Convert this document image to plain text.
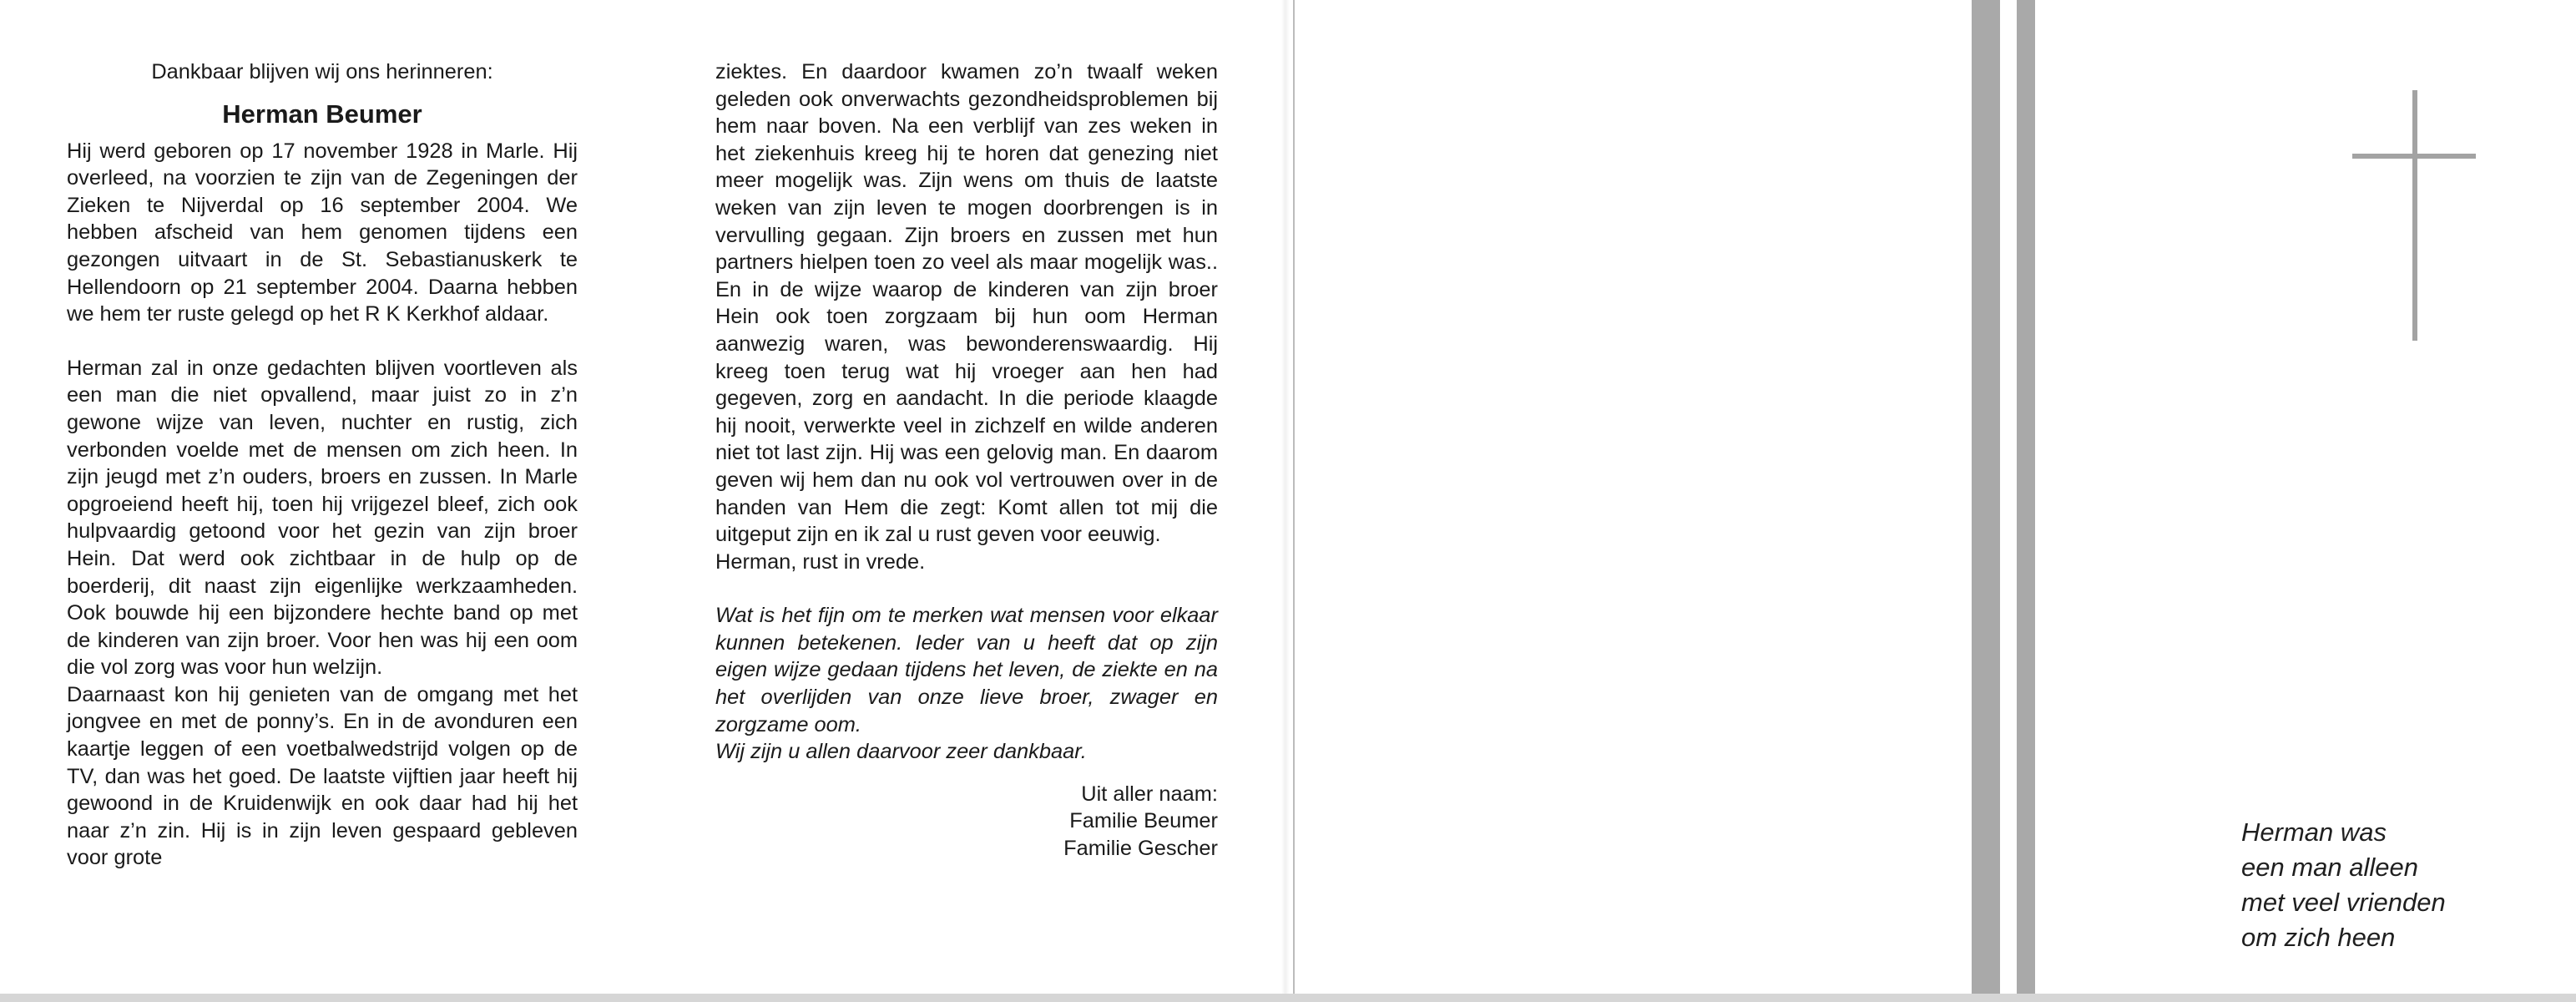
Dankbaar blijven wij ons herinneren:

Herman Beumer

Hij werd geboren op 17 november 1928 in Marle. Hij overleed, na voorzien te zijn van de Zegeningen der Zieken te Nijverdal op 16 september 2004. We hebben afscheid van hem genomen tijdens een gezongen uitvaart in de St. Sebastianuskerk te Hellendoorn op 21 september 2004. Daarna hebben we hem ter ruste gelegd op het R K Kerkhof aldaar.

Herman zal in onze gedachten blijven voortleven als een man die niet opvallend, maar juist zo in z’n gewone wijze van leven, nuchter en rustig, zich verbonden voelde met de mensen om zich heen. In zijn jeugd met z’n ouders, broers en zussen. In Marle opgroeiend heeft hij, toen hij vrijgezel bleef, zich ook hulpvaardig getoond voor het gezin van zijn broer Hein. Dat werd ook zichtbaar in de hulp op de boerderij, dit naast zijn eigenlijke werkzaamheden. Ook bouwde hij een bijzondere hechte band op met de kinderen van zijn broer. Voor hen was hij een oom die vol zorg was voor hun welzijn.

Daarnaast kon hij genieten van de omgang met het jongvee en met de ponny’s. En in de avonduren een kaartje leggen of een voetbalwedstrijd volgen op de TV, dan was het goed. De laatste vijftien jaar heeft hij gewoond in de Kruidenwijk en ook daar had hij het naar z’n zin. Hij is in zijn leven gespaard gebleven voor grote

ziektes. En daardoor kwamen zo’n twaalf weken geleden ook onverwachts gezondheidsproblemen bij hem naar boven. Na een verblijf van zes weken in het ziekenhuis kreeg hij te horen dat genezing niet meer mogelijk was. Zijn wens om thuis de laatste weken van zijn leven te mogen doorbrengen is in vervulling gegaan. Zijn broers en zussen met hun partners hielpen toen zo veel als maar mogelijk was.. En in de wijze waarop de kinderen van zijn broer Hein ook toen zorgzaam bij hun oom Herman aanwezig waren, was bewonderenswaardig. Hij kreeg toen terug wat hij vroeger aan hen had gegeven, zorg en aandacht. In die periode klaagde hij nooit, verwerkte veel in zichzelf en wilde anderen niet tot last zijn. Hij was een gelovig man. En daarom geven wij hem dan nu ook vol vertrouwen over in de handen van Hem die zegt: Komt allen tot mij die uitgeput zijn en ik zal u rust geven voor eeuwig.

Herman, rust in vrede.

Wat is het fijn om te merken wat mensen voor elkaar kunnen betekenen. Ieder van u heeft dat op zijn eigen wijze gedaan tijdens het leven, de ziekte en na het overlijden van onze lieve broer, zwager en zorgzame oom.

Wij zijn u allen daarvoor zeer dankbaar.

Uit aller naam:

Familie Beumer

Familie Gescher

Herman was

een man alleen

met veel vrienden

om zich heen
